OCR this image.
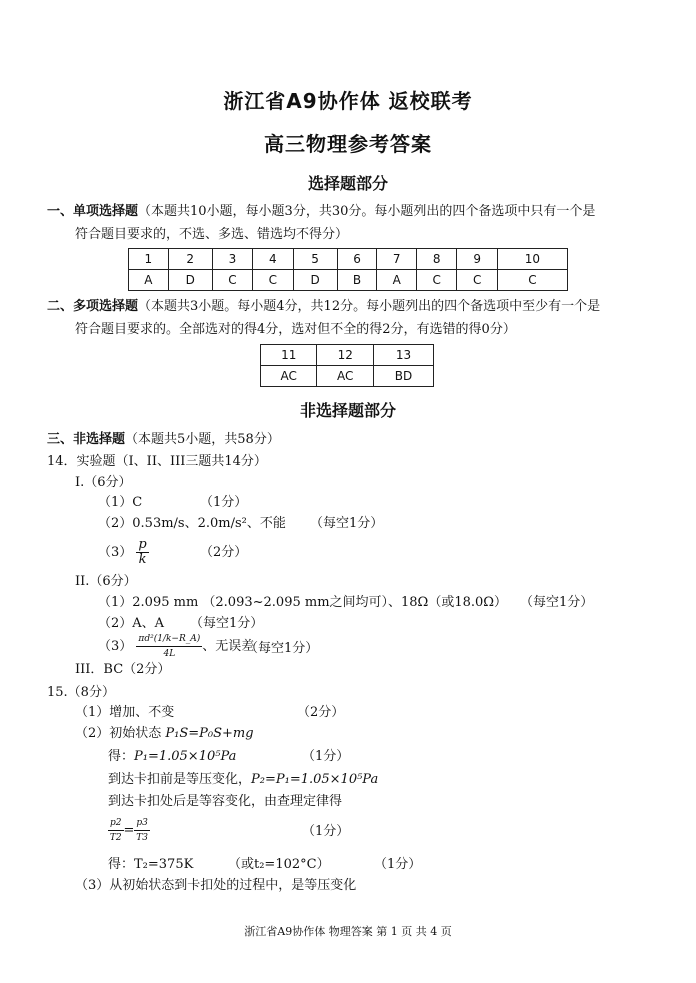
浙江省A9协作体 返校联考
高三物理参考答案
选择题部分
一、单项选择题（本题共10小题，每小题3分，共30分。每小题列出的四个备选项中只有一个是
符合题目要求的，不选、多选、错选均不得分）
1	2	3	4	5	6	7	8	9	10
A	D	C	C	D	B	A	C	C	C
二、多项选择题（本题共3小题。每小题4分，共12分。每小题列出的四个备选项中至少有一个是
符合题目要求的。全部选对的得4分，选对但不全的得2分，有选错的得0分）
11	12	13
AC	AC	BD
非选择题部分
三、非选择题（本题共5小题，共58分）
14．实验题（I、II、III三题共14分）
I.（6分）
（1）C	（1分）
（2）0.53m/s、2.0m/s²、不能 （每空1分）
$(3) \frac{p}{k}$	（2分）
II.（6分）
（1）2.095 mm （2.093~2.095 mm之间均可）、18Ω（或18.0Ω） （每空1分）
（2）A、A （每空1分）
$(3) \frac{\text{πd²(1/k−R\_A)}}{4L}$ 、无误差
（每空1分）
III．BC（2分）
15.（8分）
（1）增加、不变	（2分）
（2）初始状态 P₁S=P₀S+mg
得：P₁=1.05×10⁵Pa	（1分）
到达卡扣前是等压变化，P₂=P₁=1.05×10⁵Pa
到达卡扣处后是等容变化，由查理定律得
$\frac{p2}{T2} = \frac{p3}{T3}$	（1分）
得：T₂=375K	（或t₂=102°C）	（1分）
（3）从初始状态到卡扣处的过程中，是等压变化
浙江省A9协作体 物理答案 第 1 页 共 4 页
